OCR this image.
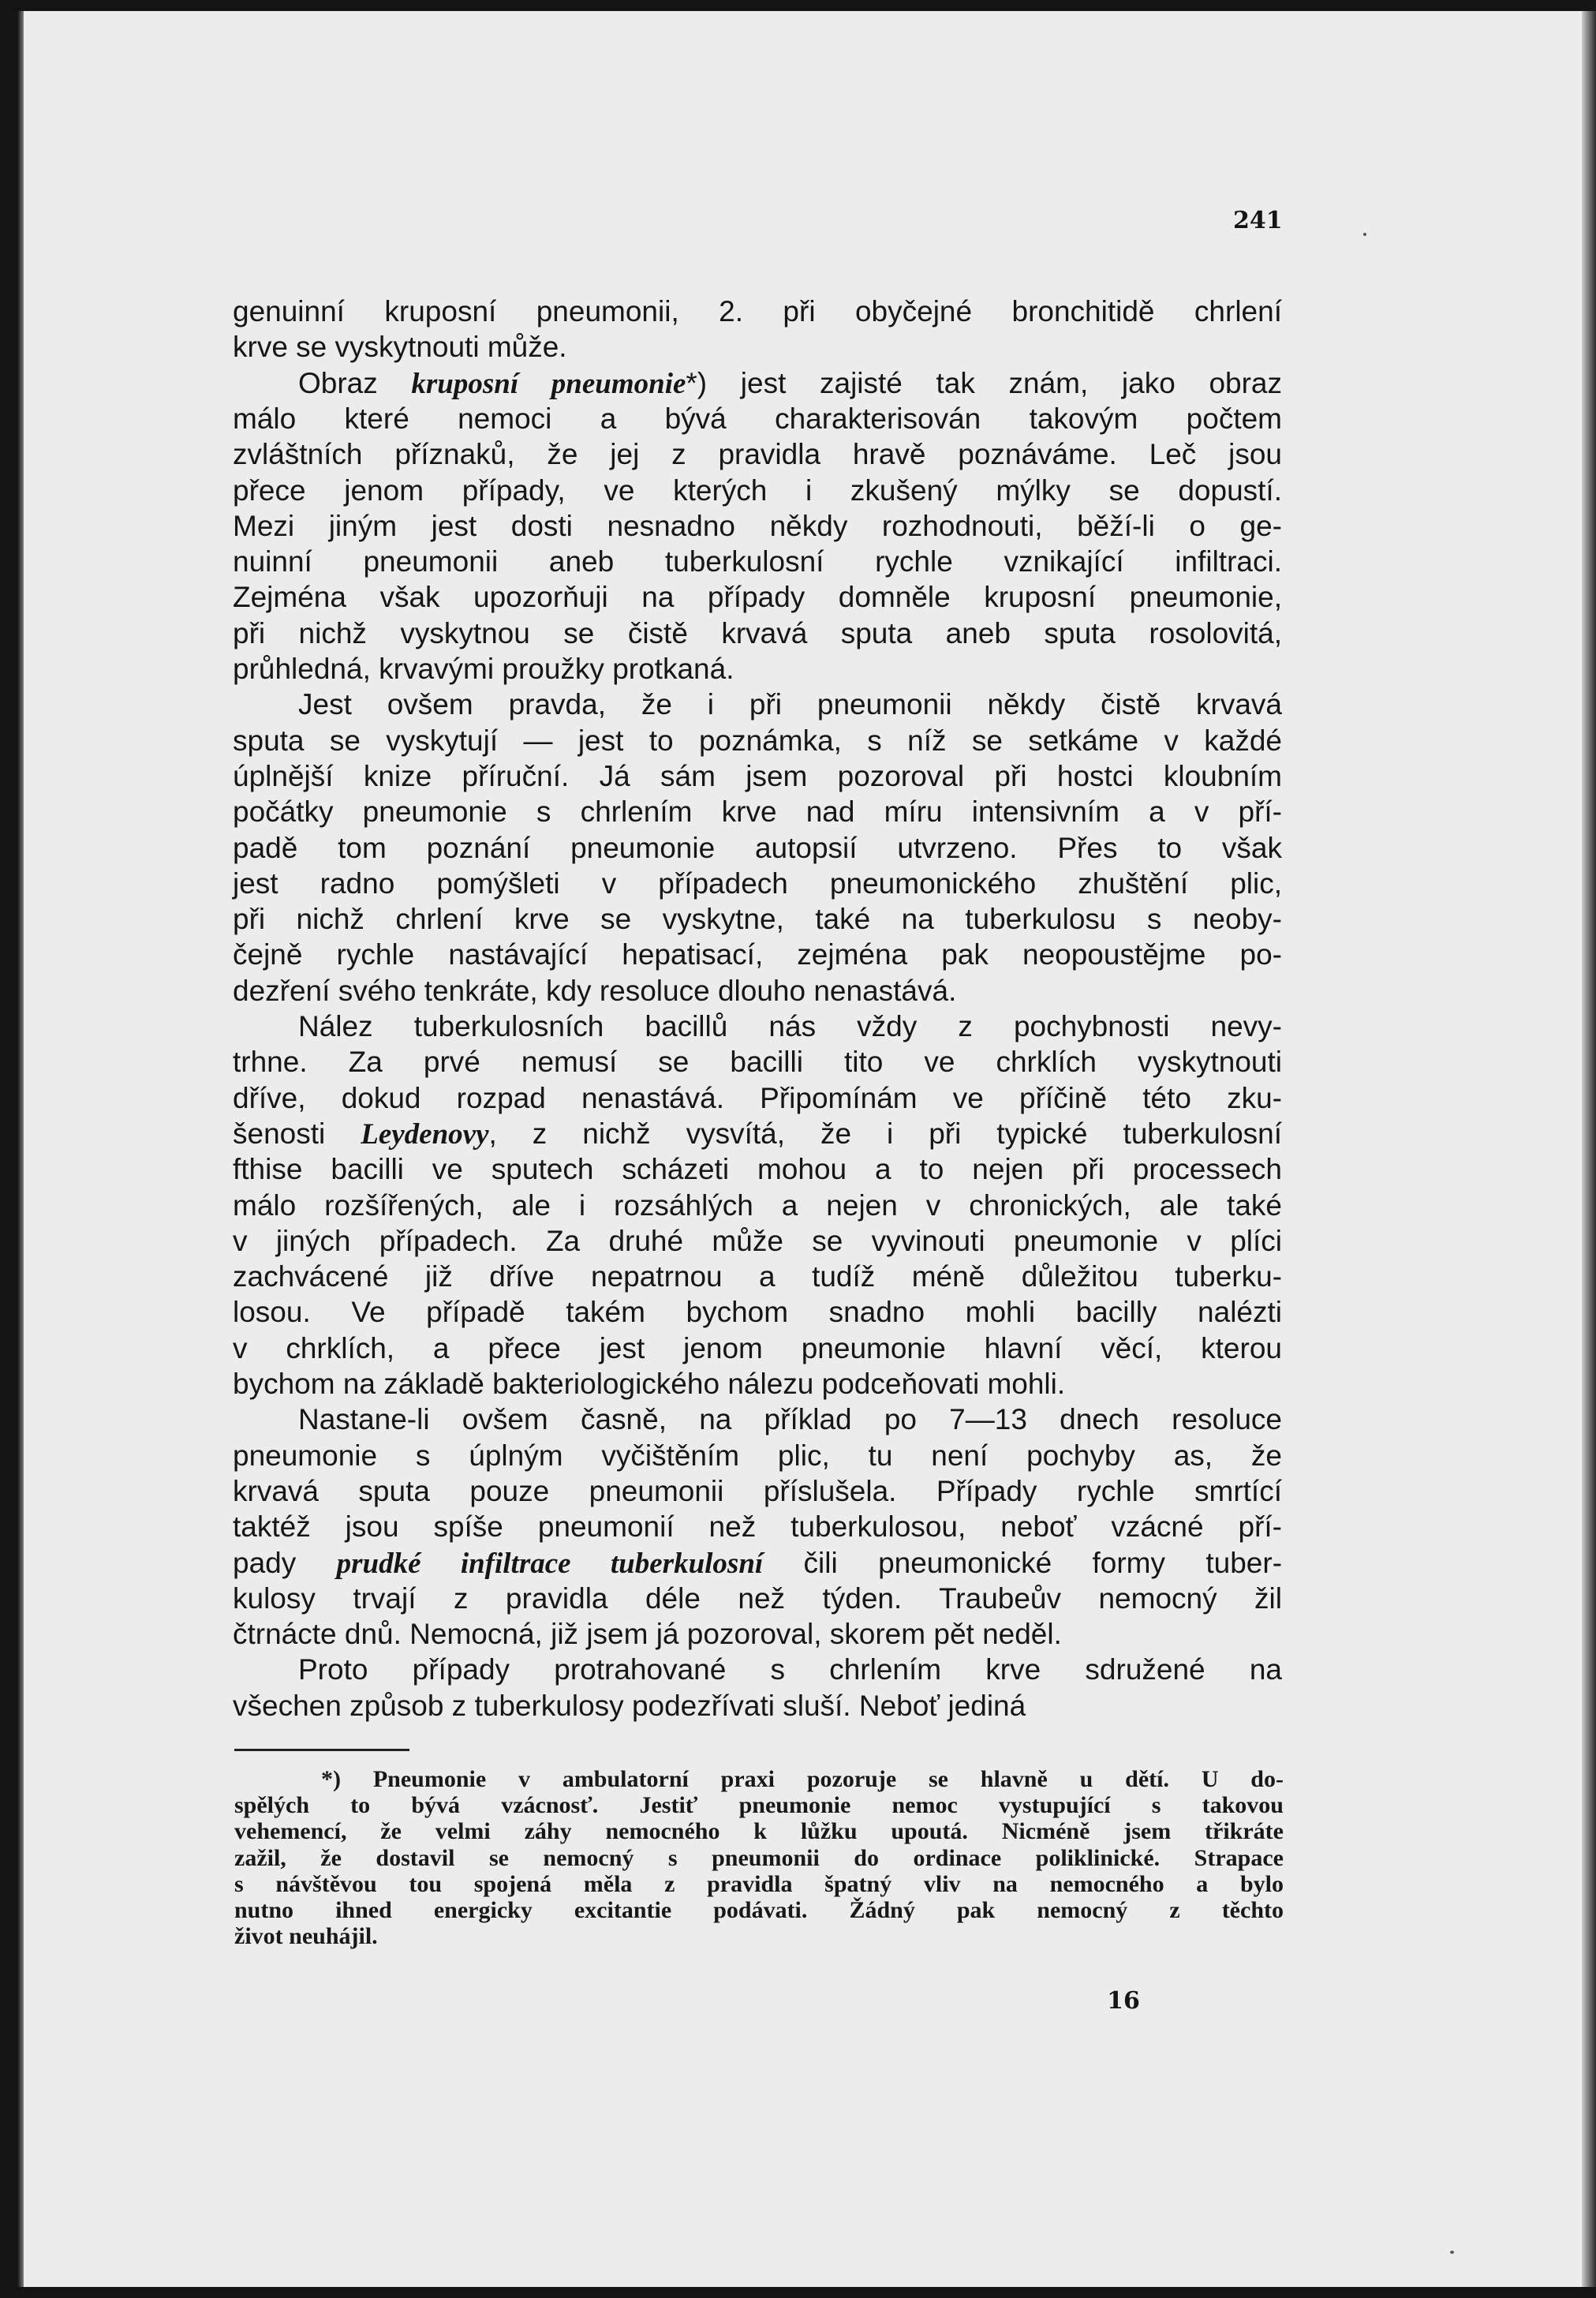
241
genuinní kruposní pneumonii, 2. při obyčejné bronchitidě chrlení
krve se vyskytnouti může.
Obraz kruposní pneumonie*) jest zajisté tak znám, jako obraz
málo které nemoci a bývá charakterisován takovým počtem
zvláštních příznaků, že jej z pravidla hravě poznáváme. Leč jsou
přece jenom případy, ve kterých i zkušený mýlky se dopustí.
Mezi jiným jest dosti nesnadno někdy rozhodnouti, běží-li o ge-
nuinní pneumonii aneb tuberkulosní rychle vznikající infiltraci.
Zejména však upozorňuji na případy domněle kruposní pneumonie,
při nichž vyskytnou se čistě krvavá sputa aneb sputa rosolovitá,
průhledná, krvavými proužky protkaná.
Jest ovšem pravda, že i při pneumonii někdy čistě krvavá
sputa se vyskytují — jest to poznámka, s níž se setkáme v každé
úplnější knize příruční. Já sám jsem pozoroval při hostci kloubním
počátky pneumonie s chrlením krve nad míru intensivním a v pří-
padě tom poznání pneumonie autopsií utvrzeno. Přes to však
jest radno pomýšleti v případech pneumonického zhuštění plic,
při nichž chrlení krve se vyskytne, také na tuberkulosu s neoby-
čejně rychle nastávající hepatisací, zejména pak neopoustějme po-
dezření svého tenkráte, kdy resoluce dlouho nenastává.
Nález tuberkulosních bacillů nás vždy z pochybnosti nevy-
trhne. Za prvé nemusí se bacilli tito ve chrklích vyskytnouti
dříve, dokud rozpad nenastává. Připomínám ve příčině této zku-
šenosti Leydenovy, z nichž vysvítá, že i při typické tuberkulosní
fthise bacilli ve sputech scházeti mohou a to nejen při processech
málo rozšířených, ale i rozsáhlých a nejen v chronických, ale také
v jiných případech. Za druhé může se vyvinouti pneumonie v plíci
zachvácené již dříve nepatrnou a tudíž méně důležitou tuberku-
losou. Ve případě takém bychom snadno mohli bacilly nalézti
v chrklích, a přece jest jenom pneumonie hlavní věcí, kterou
bychom na základě bakteriologického nálezu podceňovati mohli.
Nastane-li ovšem časně, na příklad po 7—13 dnech resoluce
pneumonie s úplným vyčištěním plic, tu není pochyby as, že
krvavá sputa pouze pneumonii příslušela. Případy rychle smrtící
taktéž jsou spíše pneumonií než tuberkulosou, neboť vzácné pří-
pady prudké infiltrace tuberkulosní čili pneumonické formy tuber-
kulosy trvají z pravidla déle než týden. Traubeův nemocný žil
čtrnácte dnů. Nemocná, již jsem já pozoroval, skorem pět neděl.
Proto případy protrahované s chrlením krve sdružené na
všechen způsob z tuberkulosy podezřívati sluší. Neboť jediná
*) Pneumonie v ambulatorní praxi pozoruje se hlavně u dětí. U do-
spělých to bývá vzácnosť. Jestiť pneumonie nemoc vystupující s takovou
vehemencí, že velmi záhy nemocného k lůžku upoutá. Nicméně jsem třikráte
zažil, že dostavil se nemocný s pneumonii do ordinace poliklinické. Strapace
s návštěvou tou spojená měla z pravidla špatný vliv na nemocného a bylo
nutno ihned energicky excitantie podávati. Žádný pak nemocný z těchto
život neuhájil.
16
